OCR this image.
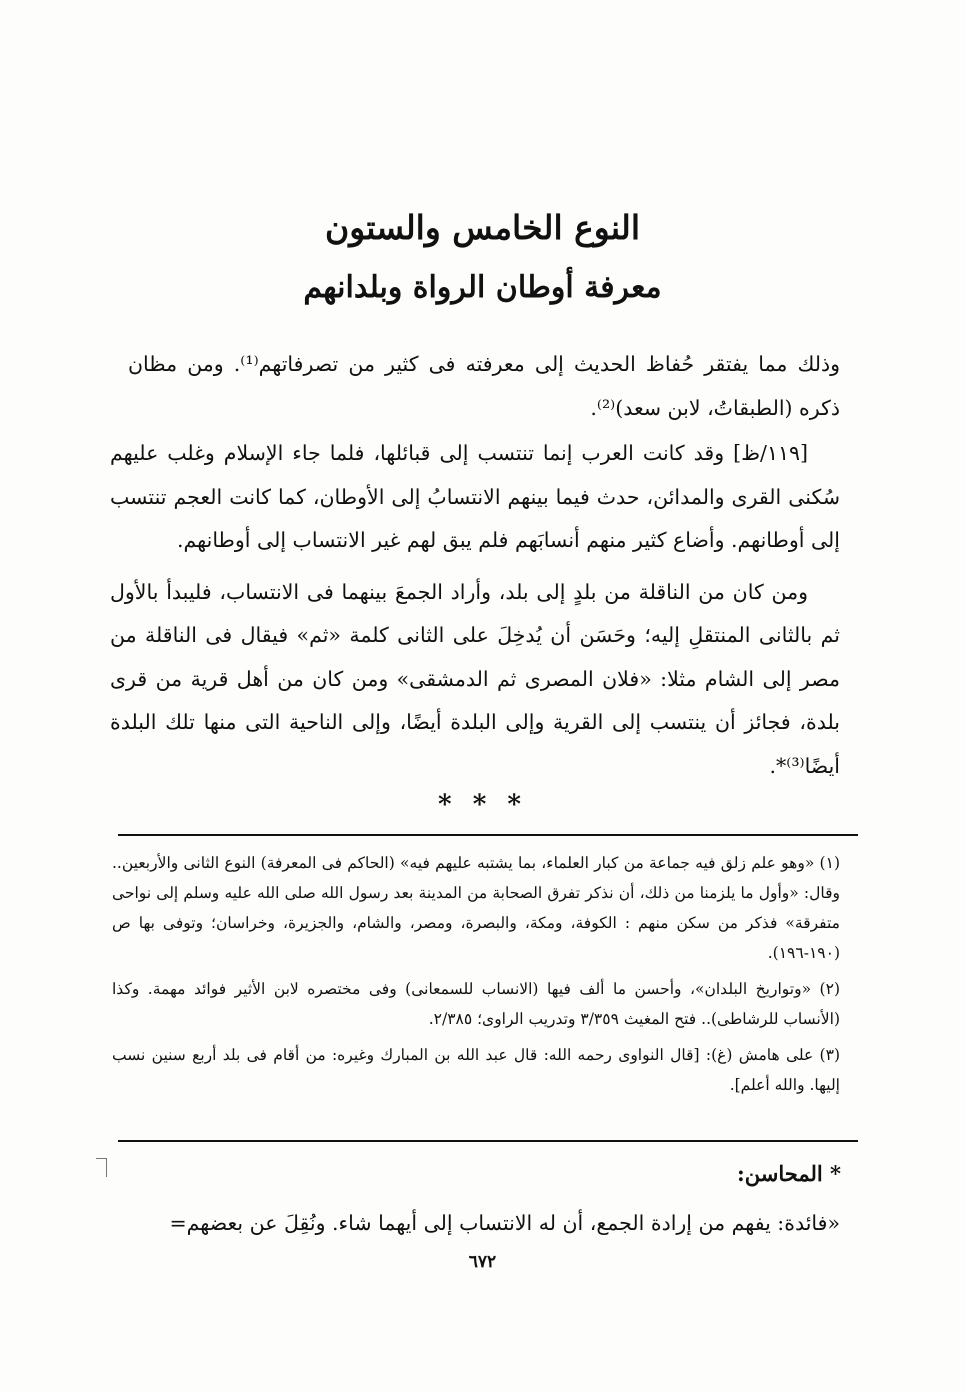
النوع الخامس والستون
معرفة أوطان الرواة وبلدانهم

وذلك مما يفتقر حُفاظ الحديث إلى معرفته فى كثير من تصرفاتهم⁽¹⁾. ومن مظان ذكره (الطبقاتُ، لابن سعد)⁽²⁾.

[١١٩/ظ] وقد كانت العرب إنما تنتسب إلى قبائلها، فلما جاء الإسلام وغلب عليهم سُكنى القرى والمدائن، حدث فيما بينهم الانتسابُ إلى الأوطان، كما كانت العجم تنتسب إلى أوطانهم. وأضاع كثير منهم أنسابَهم فلم يبق لهم غير الانتساب إلى أوطانهم.

ومن كان من الناقلة من بلدٍ إلى بلد، وأراد الجمعَ بينهما فى الانتساب، فليبدأ بالأول ثم بالثانى المنتقلِ إليه؛ وحَسَن أن يُدخِلَ على الثانى كلمة «ثم» فيقال فى الناقلة من مصر إلى الشام مثلا: «فلان المصرى ثم الدمشقى» ومن كان من أهل قرية من قرى بلدة، فجائز أن ينتسب إلى القرية وإلى البلدة أيضًا، وإلى الناحية التى منها تلك البلدة أيضًا⁽³⁾*.

* * *

(١) «وهو علم زلق فيه جماعة من كبار العلماء، بما يشتبه عليهم فيه» (الحاكم فى المعرفة) النوع الثانى والأربعين.. وقال: «وأول ما يلزمنا من ذلك، أن نذكر تفرق الصحابة من المدينة بعد رسول الله صلى الله عليه وسلم إلى نواحى متفرقة» فذكر من سكن منهم : الكوفة، ومكة، والبصرة، ومصر، والشام، والجزيرة، وخراسان؛ وتوفى بها ص (١٩٠-١٩٦).

(٢) «وتواريخ البلدان»، وأحسن ما ألف فيها (الانساب للسمعانى) وفى مختصره لابن الأثير فوائد مهمة. وكذا (الأنساب للرشاطى).. فتح المغيث ٣/٣٥٩ وتدريب الراوى؛ ٢/٣٨٥.

(٣) على هامش (غ): [قال النواوى رحمه الله: قال عبد الله بن المبارك وغيره: من أقام فى بلد أربع سنين نسب إليها. والله أعلم].

* المحاسن:

«فائدة: يفهم من إرادة الجمع، أن له الانتساب إلى أيهما شاء. ونُقِلَ عن بعضهم=

٦٧٢
